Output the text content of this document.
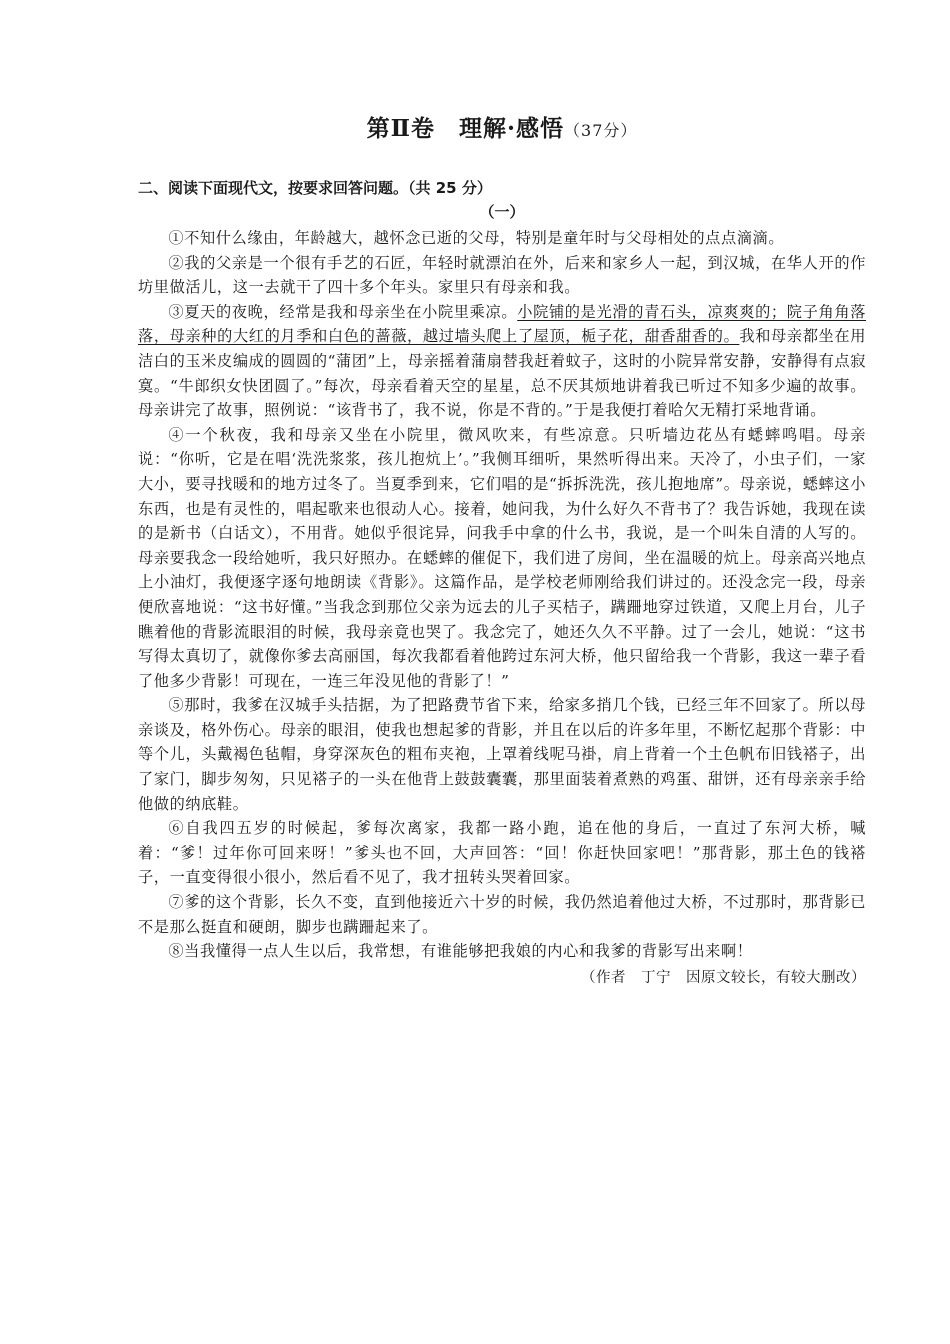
第Ⅱ卷　理解·感悟（37分）

二、阅读下面现代文，按要求回答问题。（共 25 分）

（一）

①不知什么缘由，年龄越大，越怀念已逝的父母，特别是童年时与父母相处的点点滴滴。

②我的父亲是一个很有手艺的石匠，年轻时就漂泊在外，后来和家乡人一起，到汉城，在华人开的作坊里做活儿，这一去就干了四十多个年头。家里只有母亲和我。

③夏天的夜晚，经常是我和母亲坐在小院里乘凉。小院铺的是光滑的青石头，凉爽爽的；院子角角落落，母亲种的大红的月季和白色的蔷薇，越过墙头爬上了屋顶，栀子花，甜香甜香的。我和母亲都坐在用洁白的玉米皮编成的圆圆的“蒲团”上，母亲摇着蒲扇替我赶着蚊子，这时的小院异常安静，安静得有点寂寞。“牛郎织女快团圆了。”每次，母亲看着天空的星星，总不厌其烦地讲着我已听过不知多少遍的故事。母亲讲完了故事，照例说：“该背书了，我不说，你是不背的。”于是我便打着哈欠无精打采地背诵。

④一个秋夜，我和母亲又坐在小院里，微风吹来，有些凉意。只听墙边花丛有蟋蟀鸣唱。母亲说：“你听，它是在唱‘洗洗浆浆，孩儿抱炕上’。”我侧耳细听，果然听得出来。天冷了，小虫子们，一家大小，要寻找暖和的地方过冬了。当夏季到来，它们唱的是“拆拆洗洗，孩儿抱地席”。母亲说，蟋蟀这小东西，也是有灵性的，唱起歌来也很动人心。接着，她问我，为什么好久不背书了？我告诉她，我现在读的是新书（白话文），不用背。她似乎很诧异，问我手中拿的什么书，我说，是一个叫朱自清的人写的。母亲要我念一段给她听，我只好照办。在蟋蟀的催促下，我们进了房间，坐在温暖的炕上。母亲高兴地点上小油灯，我便逐字逐句地朗读《背影》。这篇作品，是学校老师刚给我们讲过的。还没念完一段，母亲便欣喜地说：“这书好懂。”当我念到那位父亲为远去的儿子买桔子，蹒跚地穿过铁道，又爬上月台，儿子瞧着他的背影流眼泪的时候，我母亲竟也哭了。我念完了，她还久久不平静。过了一会儿，她说：“这书写得太真切了，就像你爹去高丽国，每次我都看着他跨过东河大桥，他只留给我一个背影，我这一辈子看了他多少背影！可现在，一连三年没见他的背影了！”

⑤那时，我爹在汉城手头拮据，为了把路费节省下来，给家多捎几个钱，已经三年不回家了。所以母亲谈及，格外伤心。母亲的眼泪，使我也想起爹的背影，并且在以后的许多年里，不断忆起那个背影：中等个儿，头戴褐色毡帽，身穿深灰色的粗布夹袍，上罩着线呢马褂，肩上背着一个土色帆布旧钱褡子，出了家门，脚步匆匆，只见褡子的一头在他背上鼓鼓囊囊，那里面装着煮熟的鸡蛋、甜饼，还有母亲亲手给他做的纳底鞋。

⑥自我四五岁的时候起，爹每次离家，我都一路小跑，追在他的身后，一直过了东河大桥，喊着：“爹！过年你可回来呀！”爹头也不回，大声回答：“回！你赶快回家吧！”那背影，那土色的钱褡子，一直变得很小很小，然后看不见了，我才扭转头哭着回家。

⑦爹的这个背影，长久不变，直到他接近六十岁的时候，我仍然追着他过大桥，不过那时，那背影已不是那么挺直和硬朗，脚步也蹒跚起来了。

⑧当我懂得一点人生以后，我常想，有谁能够把我娘的内心和我爹的背影写出来啊！

（作者　丁宁　因原文较长，有较大删改）
